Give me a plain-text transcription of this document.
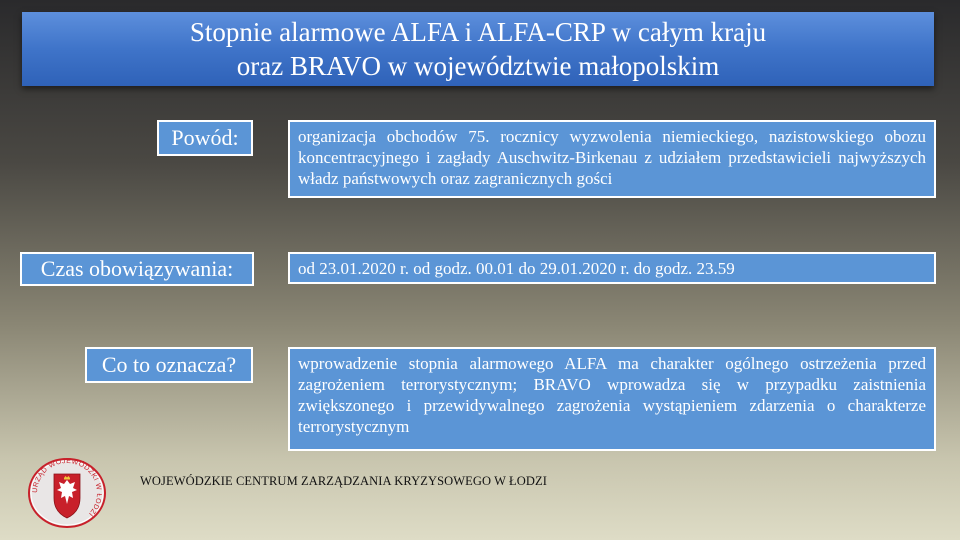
Stopnie alarmowe ALFA i ALFA-CRP w całym kraju
oraz BRAVO w województwie małopolskim
Powód:	organizacja obchodów 75. rocznicy wyzwolenia niemieckiego, nazistowskiego obozu koncentracyjnego i zagłady Auschwitz-Birkenau z udziałem przedstawicieli najwyższych władz państwowych oraz zagranicznych gości
Czas obowiązywania:	od 23.01.2020 r. od godz. 00.01 do 29.01.2020 r. do godz. 23.59
Co to oznacza?	wprowadzenie stopnia alarmowego ALFA ma charakter ogólnego ostrzeżenia przed zagrożeniem terrorystycznym; BRAVO wprowadza się w przypadku zaistnienia zwiększonego i przewidywalnego zagrożenia wystąpieniem zdarzenia o charakterze terrorystycznym
URZĄD WOJEWÓDZKI W ŁODZI
WOJEWÓDZKIE CENTRUM ZARZĄDZANIA KRYZYSOWEGO W ŁODZI
